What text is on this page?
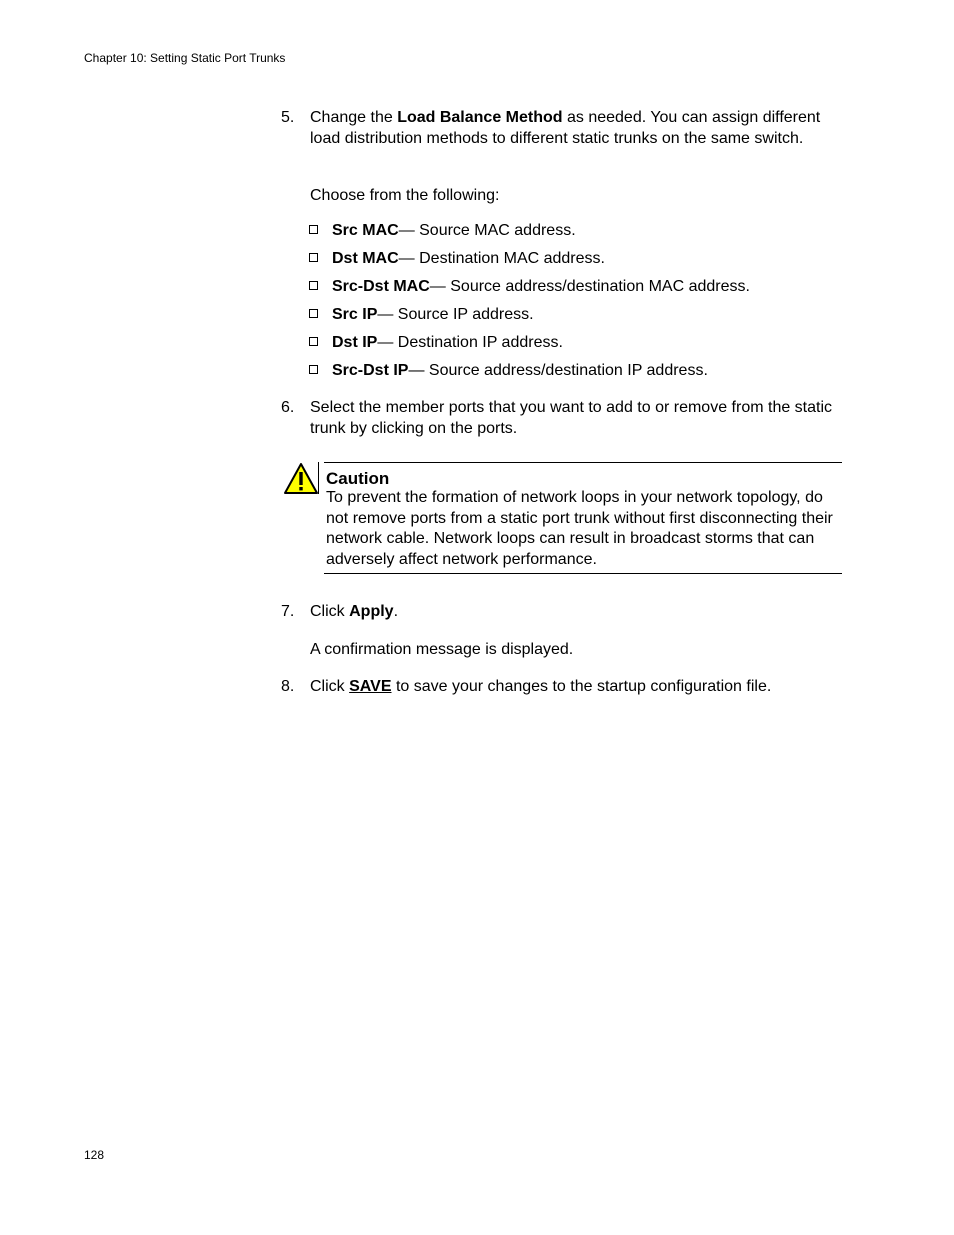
Chapter 10: Setting Static Port Trunks
5. Change the Load Balance Method as needed. You can assign different load distribution methods to different static trunks on the same switch.
Choose from the following:
Src MAC— Source MAC address.
Dst MAC— Destination MAC address.
Src-Dst MAC— Source address/destination MAC address.
Src IP— Source IP address.
Dst IP— Destination IP address.
Src-Dst IP— Source address/destination IP address.
6. Select the member ports that you want to add to or remove from the static trunk by clicking on the ports.
Caution
To prevent the formation of network loops in your network topology, do not remove ports from a static port trunk without first disconnecting their network cable. Network loops can result in broadcast storms that can adversely affect network performance.
7. Click Apply.
A confirmation message is displayed.
8. Click SAVE to save your changes to the startup configuration file.
128
